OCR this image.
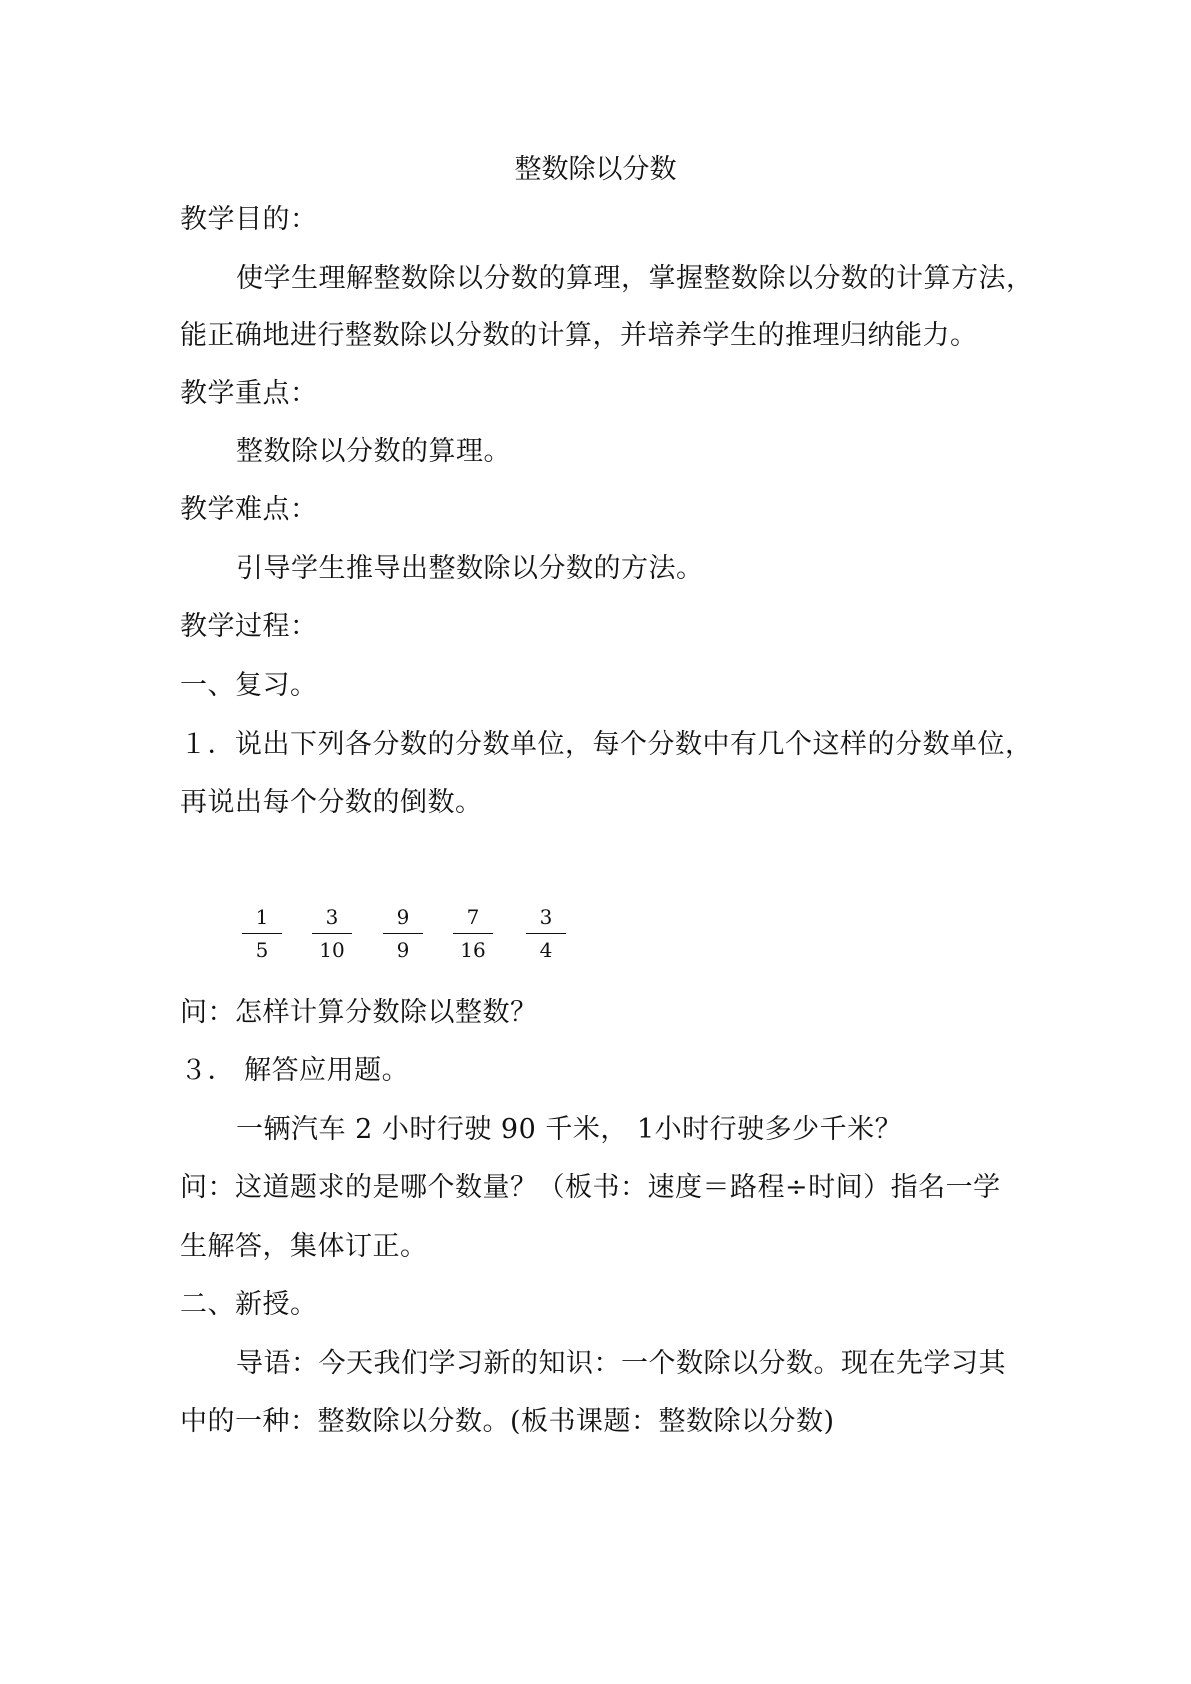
整数除以分数
教学目的：
使学生理解整数除以分数的算理，掌握整数除以分数的计算方法，
能正确地进行整数除以分数的计算，并培养学生的推理归纳能力。
教学重点：
整数除以分数的算理。
教学难点：
引导学生推导出整数除以分数的方法。
教学过程：
一、复习。
１．说出下列各分数的分数单位，每个分数中有几个这样的分数单位，
再说出每个分数的倒数。
1
5
3
10
9
9
7
16
3
4
问：怎样计算分数除以整数？
３． 解答应用题。
一辆汽车 2 小时行驶 90 千米， 1小时行驶多少千米？
问：这道题求的是哪个数量？（板书：速度＝路程÷时间）指名一学
生解答，集体订正。
二、新授。
导语：今天我们学习新的知识：一个数除以分数。现在先学习其
中的一种：整数除以分数。(板书课题：整数除以分数)
